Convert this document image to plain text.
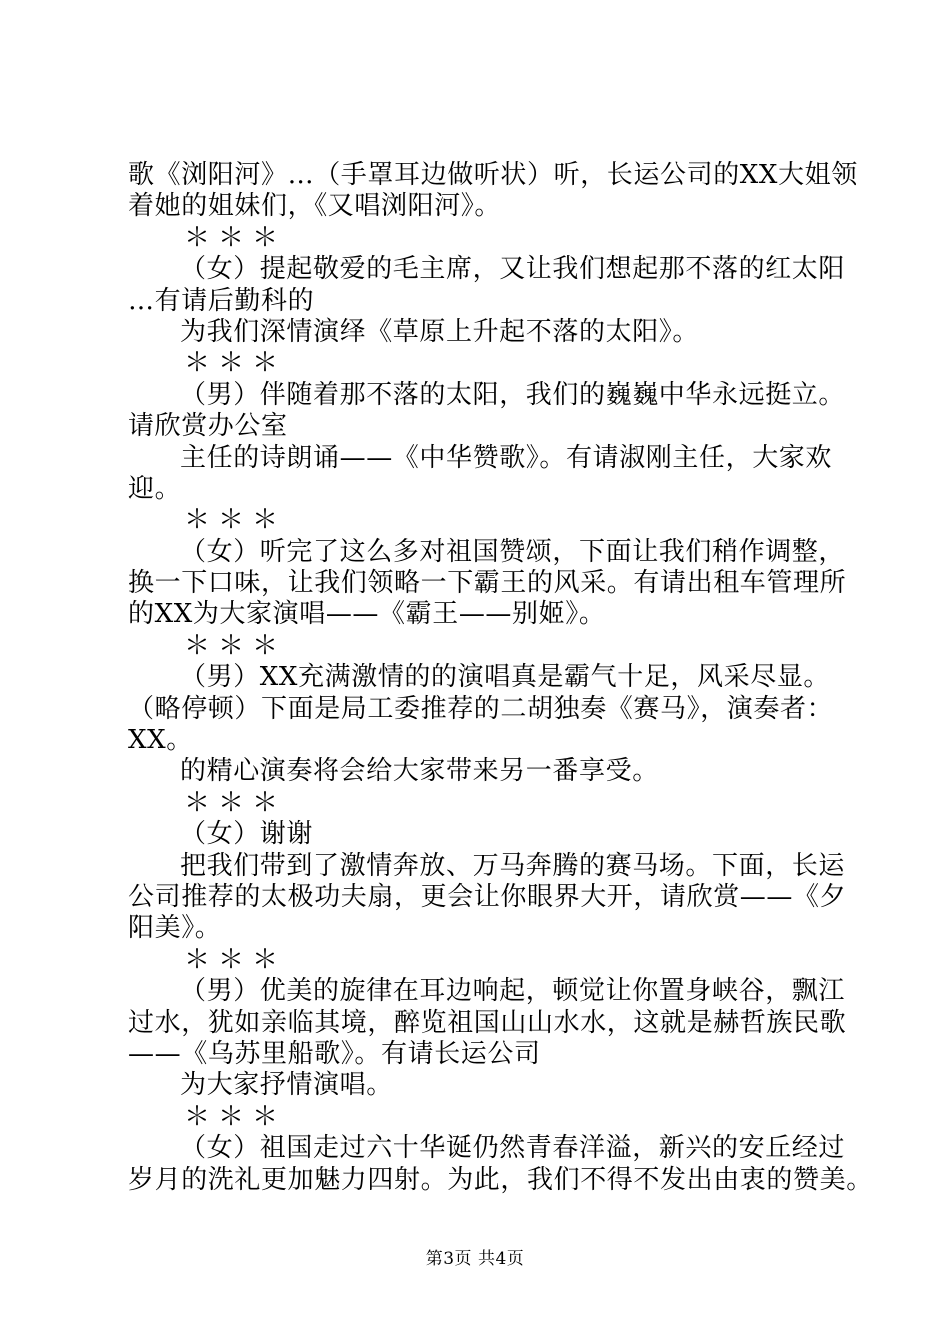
歌《浏阳河》…（手罩耳边做听状）听，长运公司的XX大姐领
着她的姐妹们，《又唱浏阳河》。
＊＊＊
（女）提起敬爱的毛主席，又让我们想起那不落的红太阳
…有请后勤科的
为我们深情演绎《草原上升起不落的太阳》。
＊＊＊
（男）伴随着那不落的太阳，我们的巍巍中华永远挺立。
请欣赏办公室
主任的诗朗诵——《中华赞歌》。有请淑刚主任，大家欢
迎。
＊＊＊
（女）听完了这么多对祖国赞颂，下面让我们稍作调整，
换一下口味，让我们领略一下霸王的风采。有请出租车管理所
的XX为大家演唱——《霸王——别姬》。
＊＊＊
（男）XX充满激情的的演唱真是霸气十足，风采尽显。
（略停顿）下面是局工委推荐的二胡独奏《赛马》，演奏者：
XX。
的精心演奏将会给大家带来另一番享受。
＊＊＊
（女）谢谢
把我们带到了激情奔放、万马奔腾的赛马场。下面，长运
公司推荐的太极功夫扇，更会让你眼界大开，请欣赏——《夕
阳美》。
＊＊＊
（男）优美的旋律在耳边响起，顿觉让你置身峡谷，飘江
过水，犹如亲临其境，醉览祖国山山水水，这就是赫哲族民歌
——《乌苏里船歌》。有请长运公司
为大家抒情演唱。
＊＊＊
（女）祖国走过六十华诞仍然青春洋溢，新兴的安丘经过
岁月的洗礼更加魅力四射。为此，我们不得不发出由衷的赞美。
第3页 共4页
